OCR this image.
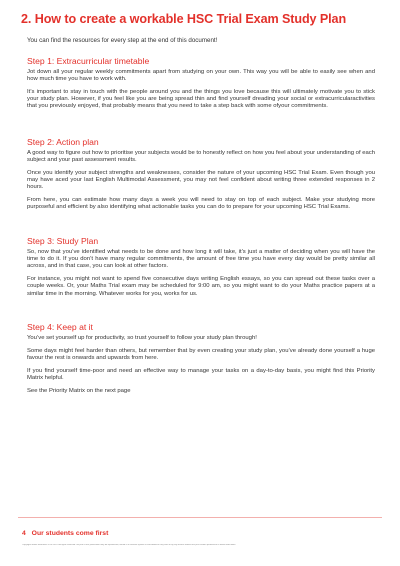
2. How to create a workable HSC Trial Exam Study Plan

You can find the resources for every step at the end of this document!

Step 1: Extracurricular timetable

Jot down all your regular weekly commitments apart from studying on your own. This way you will be able to easily see when and how much time you have to work with.

It’s important to stay in touch with the people around you and the things you love because this will ultimately motivate you to stick your study plan. However, if you feel like you are being spread thin and find yourself dreading your social or extracurricularactivities that you previously enjoyed, that probably means that you need to take a step back with some ofyour commitments.

Step 2: Action plan

A good way to figure out how to prioritise your subjects would be to honestly reflect on how you feel about your understanding of each subject and your past assessment results.

Once you identify your subject strengths and weaknesses, consider the nature of your upcoming HSC Trial Exam. Even though you may have aced your last English Multimodal Assessment, you may not feel confident about writing three extended responses in 2 hours.

From here, you can estimate how many days a week you will need to stay on top of each subject. Make your studying more purposeful and efficient by also identifying what actionable tasks you can do to prepare for your upcoming HSC Trial Exams.

Step 3: Study Plan

So, now that you’ve identified what needs to be done and how long it will take, it’s just a matter of deciding when you will have the time to do it. If you don’t have many regular commitments, the amount of free time you have every day would be pretty similar all across, and in that case, you can look at other factors.

For instance, you might not want to spend five consecutive days writing English essays, so you can spread out these tasks over a couple weeks. Or, your Maths Trial exam may be scheduled for 9:00 am, so you might want to do your Maths practice papers at a similar time in the morning. Whatever works for you, works for us.

Step 4: Keep at it

You’ve set yourself up for productivity, so trust yourself to follow your study plan through!

Some days might feel harder than others, but remember that by even creating your study plan, you’ve already done yourself a huge favour the rest is onwards and upwards from here.

If you find yourself time-poor and need an effective way to manage your tasks on a day-to-day basis, you might find this Priority Matrix helpful.

See the Priority Matrix on the next page

4 Our students come first

Copyright Matrix Education 2016-2023. All rights reserved. No part of this publication may be reproduced, stored in a retrieval system or transmitted in any form or by any means without the prior written permission of Matrix Education.
